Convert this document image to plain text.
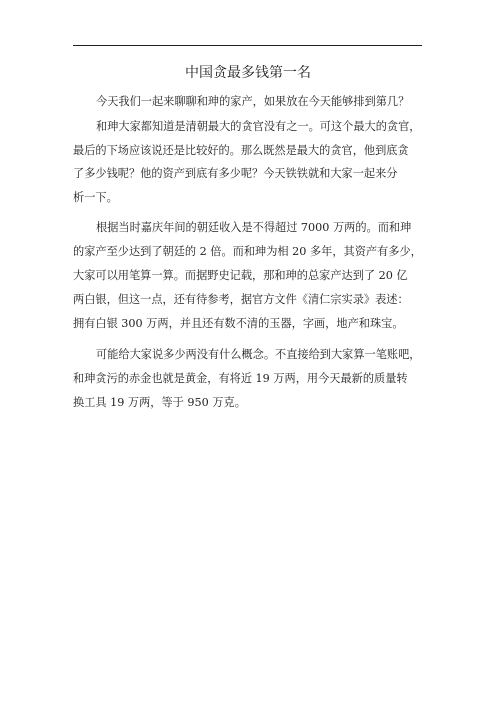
中国贪最多钱第一名
今天我们一起来聊聊和珅的家产，如果放在今天能够排到第几？
和珅大家都知道是清朝最大的贪官没有之一。可这个最大的贪官，
最后的下场应该说还是比较好的。那么既然是最大的贪官，他到底贪
了多少钱呢？他的资产到底有多少呢？今天铁铁就和大家一起来分
析一下。
根据当时嘉庆年间的朝廷收入是不得超过 7000 万两的。而和珅
的家产至少达到了朝廷的 2 倍。而和珅为相 20 多年，其资产有多少，
大家可以用笔算一算。而据野史记载，那和珅的总家产达到了 20 亿
两白银，但这一点，还有待参考，据官方文件《清仁宗实录》表述：
拥有白银 300 万两，并且还有数不清的玉器，字画，地产和珠宝。
可能给大家说多少两没有什么概念。不直接给到大家算一笔账吧，
和珅贪污的赤金也就是黄金，有将近 19 万两，用今天最新的质量转
换工具 19 万两，等于 950 万克。
